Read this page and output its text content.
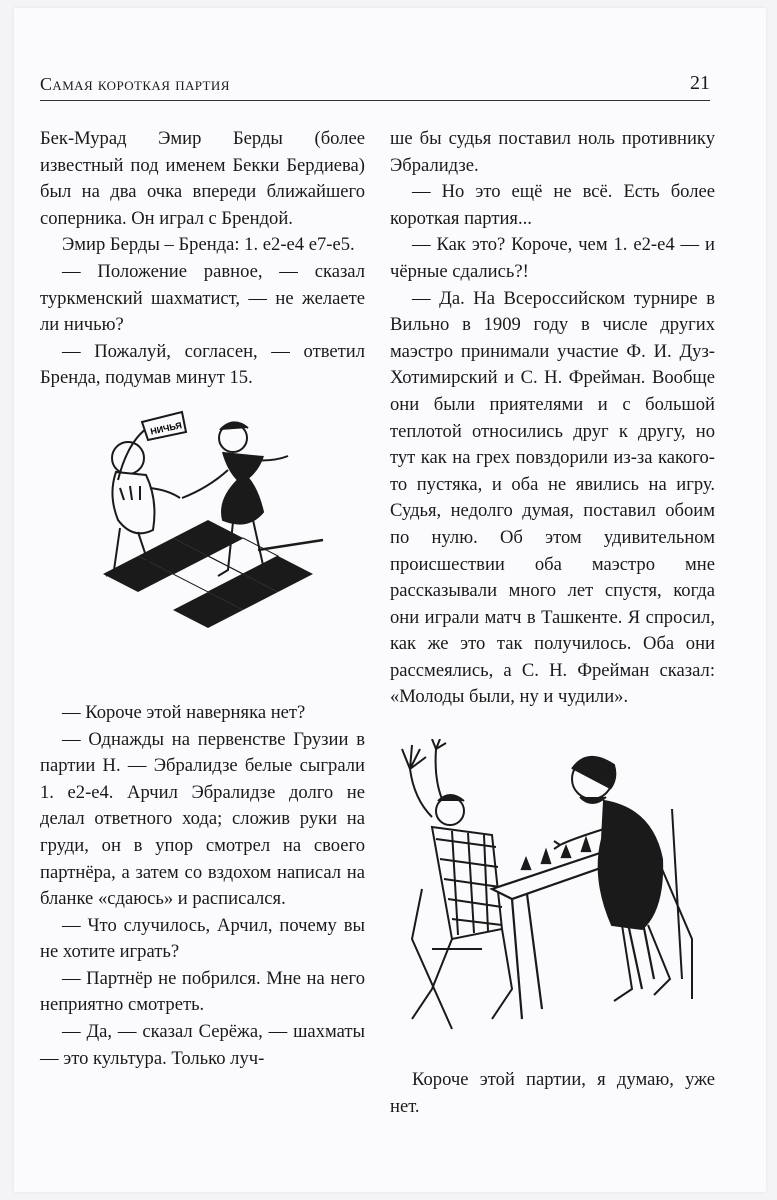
Самая короткая партия	21

Бек-Мурад Эмир Берды (более известный под именем Бекки Бердиева) был на два очка впереди ближайшего соперника. Он играл с Брендой.

Эмир Берды – Бренда: 1. e2-e4 e7-e5.

— Положение равное, — сказал туркменский шахматист, — не желаете ли ничью?

— Пожалуй, согласен, — ответил Бренда, подумав минут 15.

НИЧЬЯ

— Короче этой наверняка нет?

— Однажды на первенстве Грузии в партии Н. — Эбралидзе белые сыграли 1. e2-e4. Арчил Эбралидзе долго не делал ответного хода; сложив руки на груди, он в упор смотрел на своего партнёра, а затем со вздохом написал на бланке «сдаюсь» и расписался.

— Что случилось, Арчил, почему вы не хотите играть?

— Партнёр не побрился. Мне на него неприятно смотреть.

— Да, — сказал Серёжа, — шахматы — это культура. Только луч-

ше бы судья поставил ноль противнику Эбралидзе.

— Но это ещё не всё. Есть более короткая партия...

— Как это? Короче, чем 1. e2-e4 — и чёрные сдались?!

— Да. На Всероссийском турнире в Вильно в 1909 году в числе других маэстро принимали участие Ф. И. Дуз-Хотимирский и С. Н. Фрейман. Вообще они были приятелями и с большой теплотой относились друг к другу, но тут как на грех повздорили из-за какого-то пустяка, и оба не явились на игру. Судья, недолго думая, поставил обоим по нулю. Об этом удивительном происшествии оба маэстро мне рассказывали много лет спустя, когда они играли матч в Ташкенте. Я спросил, как же это так получилось. Оба они рассмеялись, а С. Н. Фрейман сказал: «Молоды были, ну и чудили».

Короче этой партии, я думаю, уже нет.
